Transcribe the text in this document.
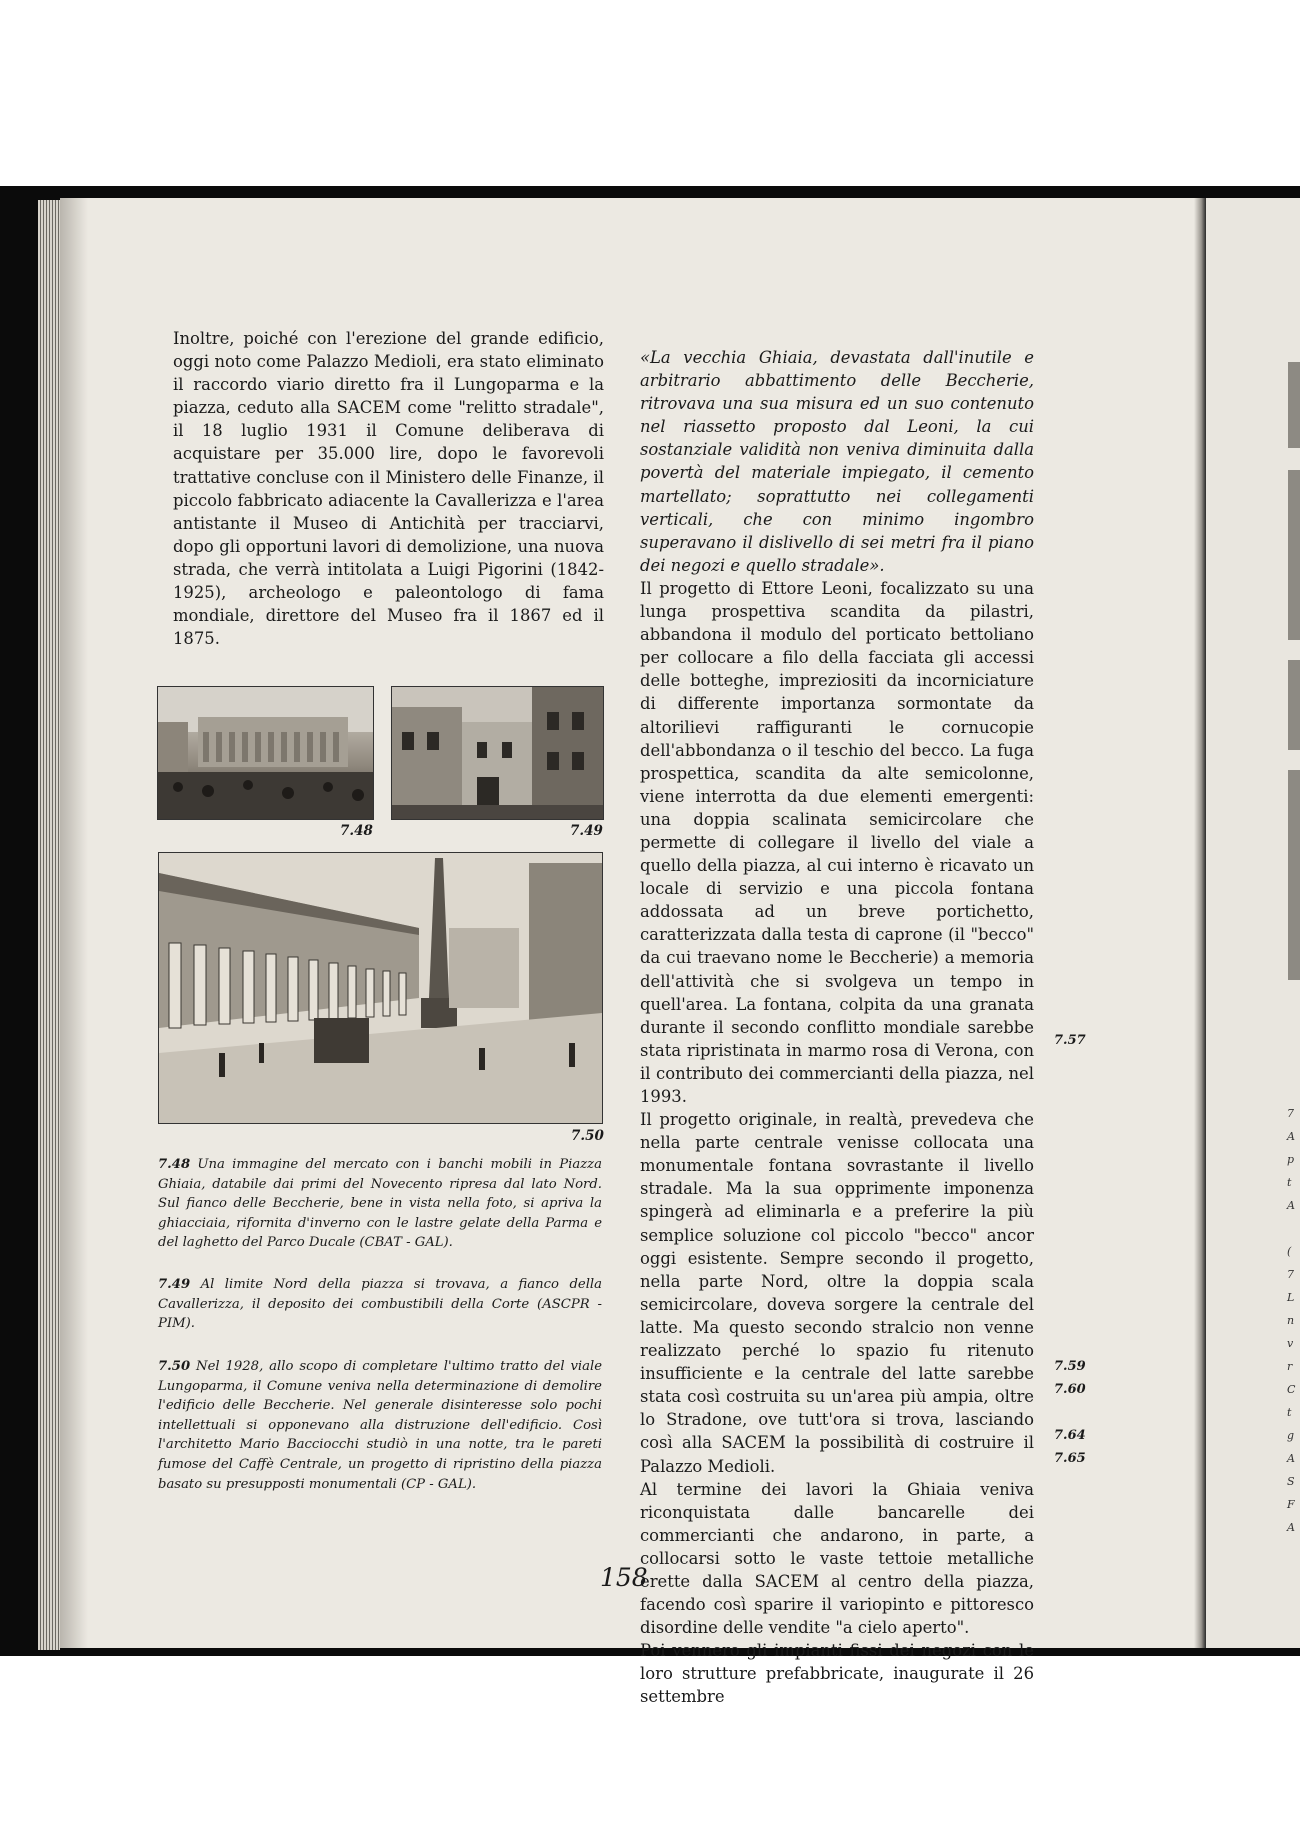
7
A
p
t
A
(
7
L
n
v
r
C
t
g
A
S
F
A

Inoltre, poiché con l'erezione del grande edificio, oggi noto come Palazzo Medioli, era stato eliminato il raccordo viario diretto fra il Lungoparma e la piazza, ceduto alla SACEM come "relitto stradale", il 18 luglio 1931 il Comune deliberava di acquistare per 35.000 lire, dopo le favorevoli trattative concluse con il Ministero delle Finanze, il piccolo fabbricato adiacente la Cavallerizza e l'area antistante il Museo di Antichità per tracciarvi, dopo gli opportuni lavori di demolizione, una nuova strada, che verrà intitolata a Luigi Pigorini (1842-1925), archeologo e paleontologo di fama mondiale, direttore del Museo fra il 1867 ed il 1875.

7.48	7.49
7.50
7.48 Una immagine del mercato con i banchi mobili in Piazza Ghiaia, databile dai primi del Novecento ripresa dal lato Nord. Sul fianco delle Beccherie, bene in vista nella foto, si apriva la ghiacciaia, rifornita d'inverno con le lastre gelate della Parma e del laghetto del Parco Ducale (CBAT - GAL).
7.49 Al limite Nord della piazza si trovava, a fianco della Cavallerizza, il deposito dei combustibili della Corte (ASCPR - PIM).
7.50 Nel 1928, allo scopo di completare l'ultimo tratto del viale Lungoparma, il Comune veniva nella determinazione di demolire l'edificio delle Beccherie. Nel generale disinteresse solo pochi intellettuali si opponevano alla distruzione dell'edificio. Così l'architetto Mario Bacciocchi studiò in una notte, tra le pareti fumose del Caffè Centrale, un progetto di ripristino della piazza basato su presupposti monumentali (CP - GAL).

«La vecchia Ghiaia, devastata dall'inutile e arbitrario abbattimento delle Beccherie, ritrovava una sua misura ed un suo contenuto nel riassetto proposto dal Leoni, la cui sostanziale validità non veniva diminuita dalla povertà del materiale impiegato, il cemento martellato; soprattutto nei collegamenti verticali, che con minimo ingombro superavano il dislivello di sei metri fra il piano dei negozi e quello stradale».

Il progetto di Ettore Leoni, focalizzato su una lunga prospettiva scandita da pilastri, abbandona il modulo del porticato bettoliano per collocare a filo della facciata gli accessi delle botteghe, impreziositi da incorniciature di differente importanza sormontate da altorilievi raffiguranti le cornucopie dell'abbondanza o il teschio del becco. La fuga prospettica, scandita da alte semicolonne, viene interrotta da due elementi emergenti: una doppia scalinata semicircolare che permette di collegare il livello del viale a quello della piazza, al cui interno è ricavato un locale di servizio e una piccola fontana addossata ad un breve portichetto, caratterizzata dalla testa di caprone (il "becco" da cui traevano nome le Beccherie) a memoria dell'attività che si svolgeva un tempo in quell'area. La fontana, colpita da una granata durante il secondo conflitto mondiale sarebbe stata ripristinata in marmo rosa di Verona, con il contributo dei commercianti della piazza, nel 1993.

Il progetto originale, in realtà, prevedeva che nella parte centrale venisse collocata una monumentale fontana sovrastante il livello stradale. Ma la sua opprimente imponenza spingerà ad eliminarla e a preferire la più semplice soluzione col piccolo "becco" ancor oggi esistente. Sempre secondo il progetto, nella parte Nord, oltre la doppia scala semicircolare, doveva sorgere la centrale del latte. Ma questo secondo stralcio non venne realizzato perché lo spazio fu ritenuto insufficiente e la centrale del latte sarebbe stata così costruita su un'area più ampia, oltre lo Stradone, ove tutt'ora si trova, lasciando così alla SACEM la possibilità di costruire il Palazzo Medioli.

Al termine dei lavori la Ghiaia veniva riconquistata dalle bancarelle dei commercianti che andarono, in parte, a collocarsi sotto le vaste tettoie metalliche erette dalla SACEM al centro della piazza, facendo così sparire il variopinto e pittoresco disordine delle vendite "a cielo aperto".

Poi vennero gli impianti fissi dei negozi con le loro strutture prefabbricate, inaugurate il 26 settembre

7.57
7.59
7.60
7.64
7.65
158
